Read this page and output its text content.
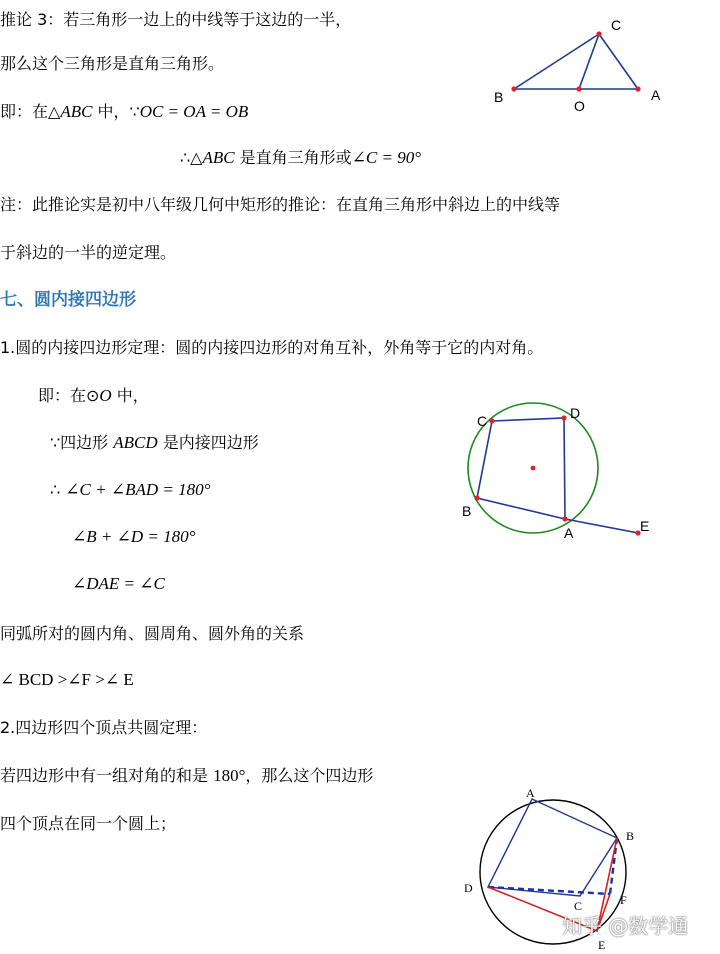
推论 3：若三角形一边上的中线等于这边的一半，
那么这个三角形是直角三角形。
即：在△ABC 中，∵OC = OA = OB
∴△ABC 是直角三角形或∠C = 90°
注：此推论实是初中八年级几何中矩形的推论：在直角三角形中斜边上的中线等
于斜边的一半的逆定理。
C
B
O
A
七、圆内接四边形
1.圆的内接四边形定理：圆的内接四边形的对角互补，外角等于它的内对角。
即：在⊙O 中，
∵四边形 ABCD 是内接四边形
∴ ∠C + ∠BAD = 180°
∠B + ∠D = 180°
∠DAE = ∠C
同弧所对的圆内角、圆周角、圆外角的关系
∠ BCD >∠F >∠ E
2.四边形四个顶点共圆定理：
若四边形中有一组对角的和是 180°，那么这个四边形
四个顶点在同一个圆上；
C	D
B
A	E
A
B
D
C	F
E
知乎 @数学通
